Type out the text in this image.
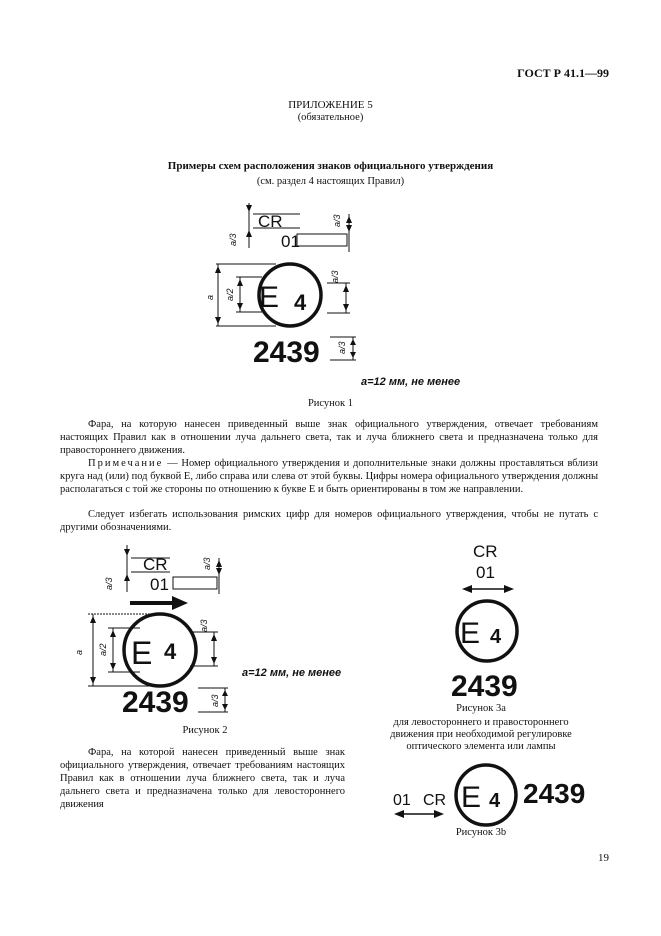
ГОСТ Р 41.1—99
ПРИЛОЖЕНИЕ 5
(обязательное)
Примеры схем расположения знаков официального утверждения
(см. раздел 4 настоящих Правил)
CR
01
E 4
2439
a/3
a/3
a a/2
a/3
a/3
a=12 мм, не менее
Рисунок 1
Фара, на которую нанесен приведенный выше знак официального утверждения, отвечает требованиям настоящих Правил как в отношении луча дальнего света, так и луча ближнего света и предназначена только для правостороннего движения.
Примечание — Номер официального утверждения и дополнительные знаки должны проставляться вблизи круга над (или) под буквой Е, либо справа или слева от этой буквы. Цифры номера официального утверждения должны располагаться с той же стороны по отношению к букве Е и быть ориентированы в том же направлении.
Следует избегать использования римских цифр для номеров официального утверждения, чтобы не путать с другими обозначениями.
CR
01
E 4
2439
a/3
a/3
a a/2
a/3
a/3
a=12 мм, не менее
Рисунок 2
Фара, на которой нанесен приведенный выше знак официального утверждения, отвечает требованиям настоящих Правил как в отношении луча ближнего света, так и луча дальнего света и предназначена только для левостороннего движения
CR
01
E 4
2439
Рисунок 3а
для левостороннего и правостороннего движения при необходимой регулировке оптического элемента или лампы
01 CR E 4 2439
Рисунок 3b
19
